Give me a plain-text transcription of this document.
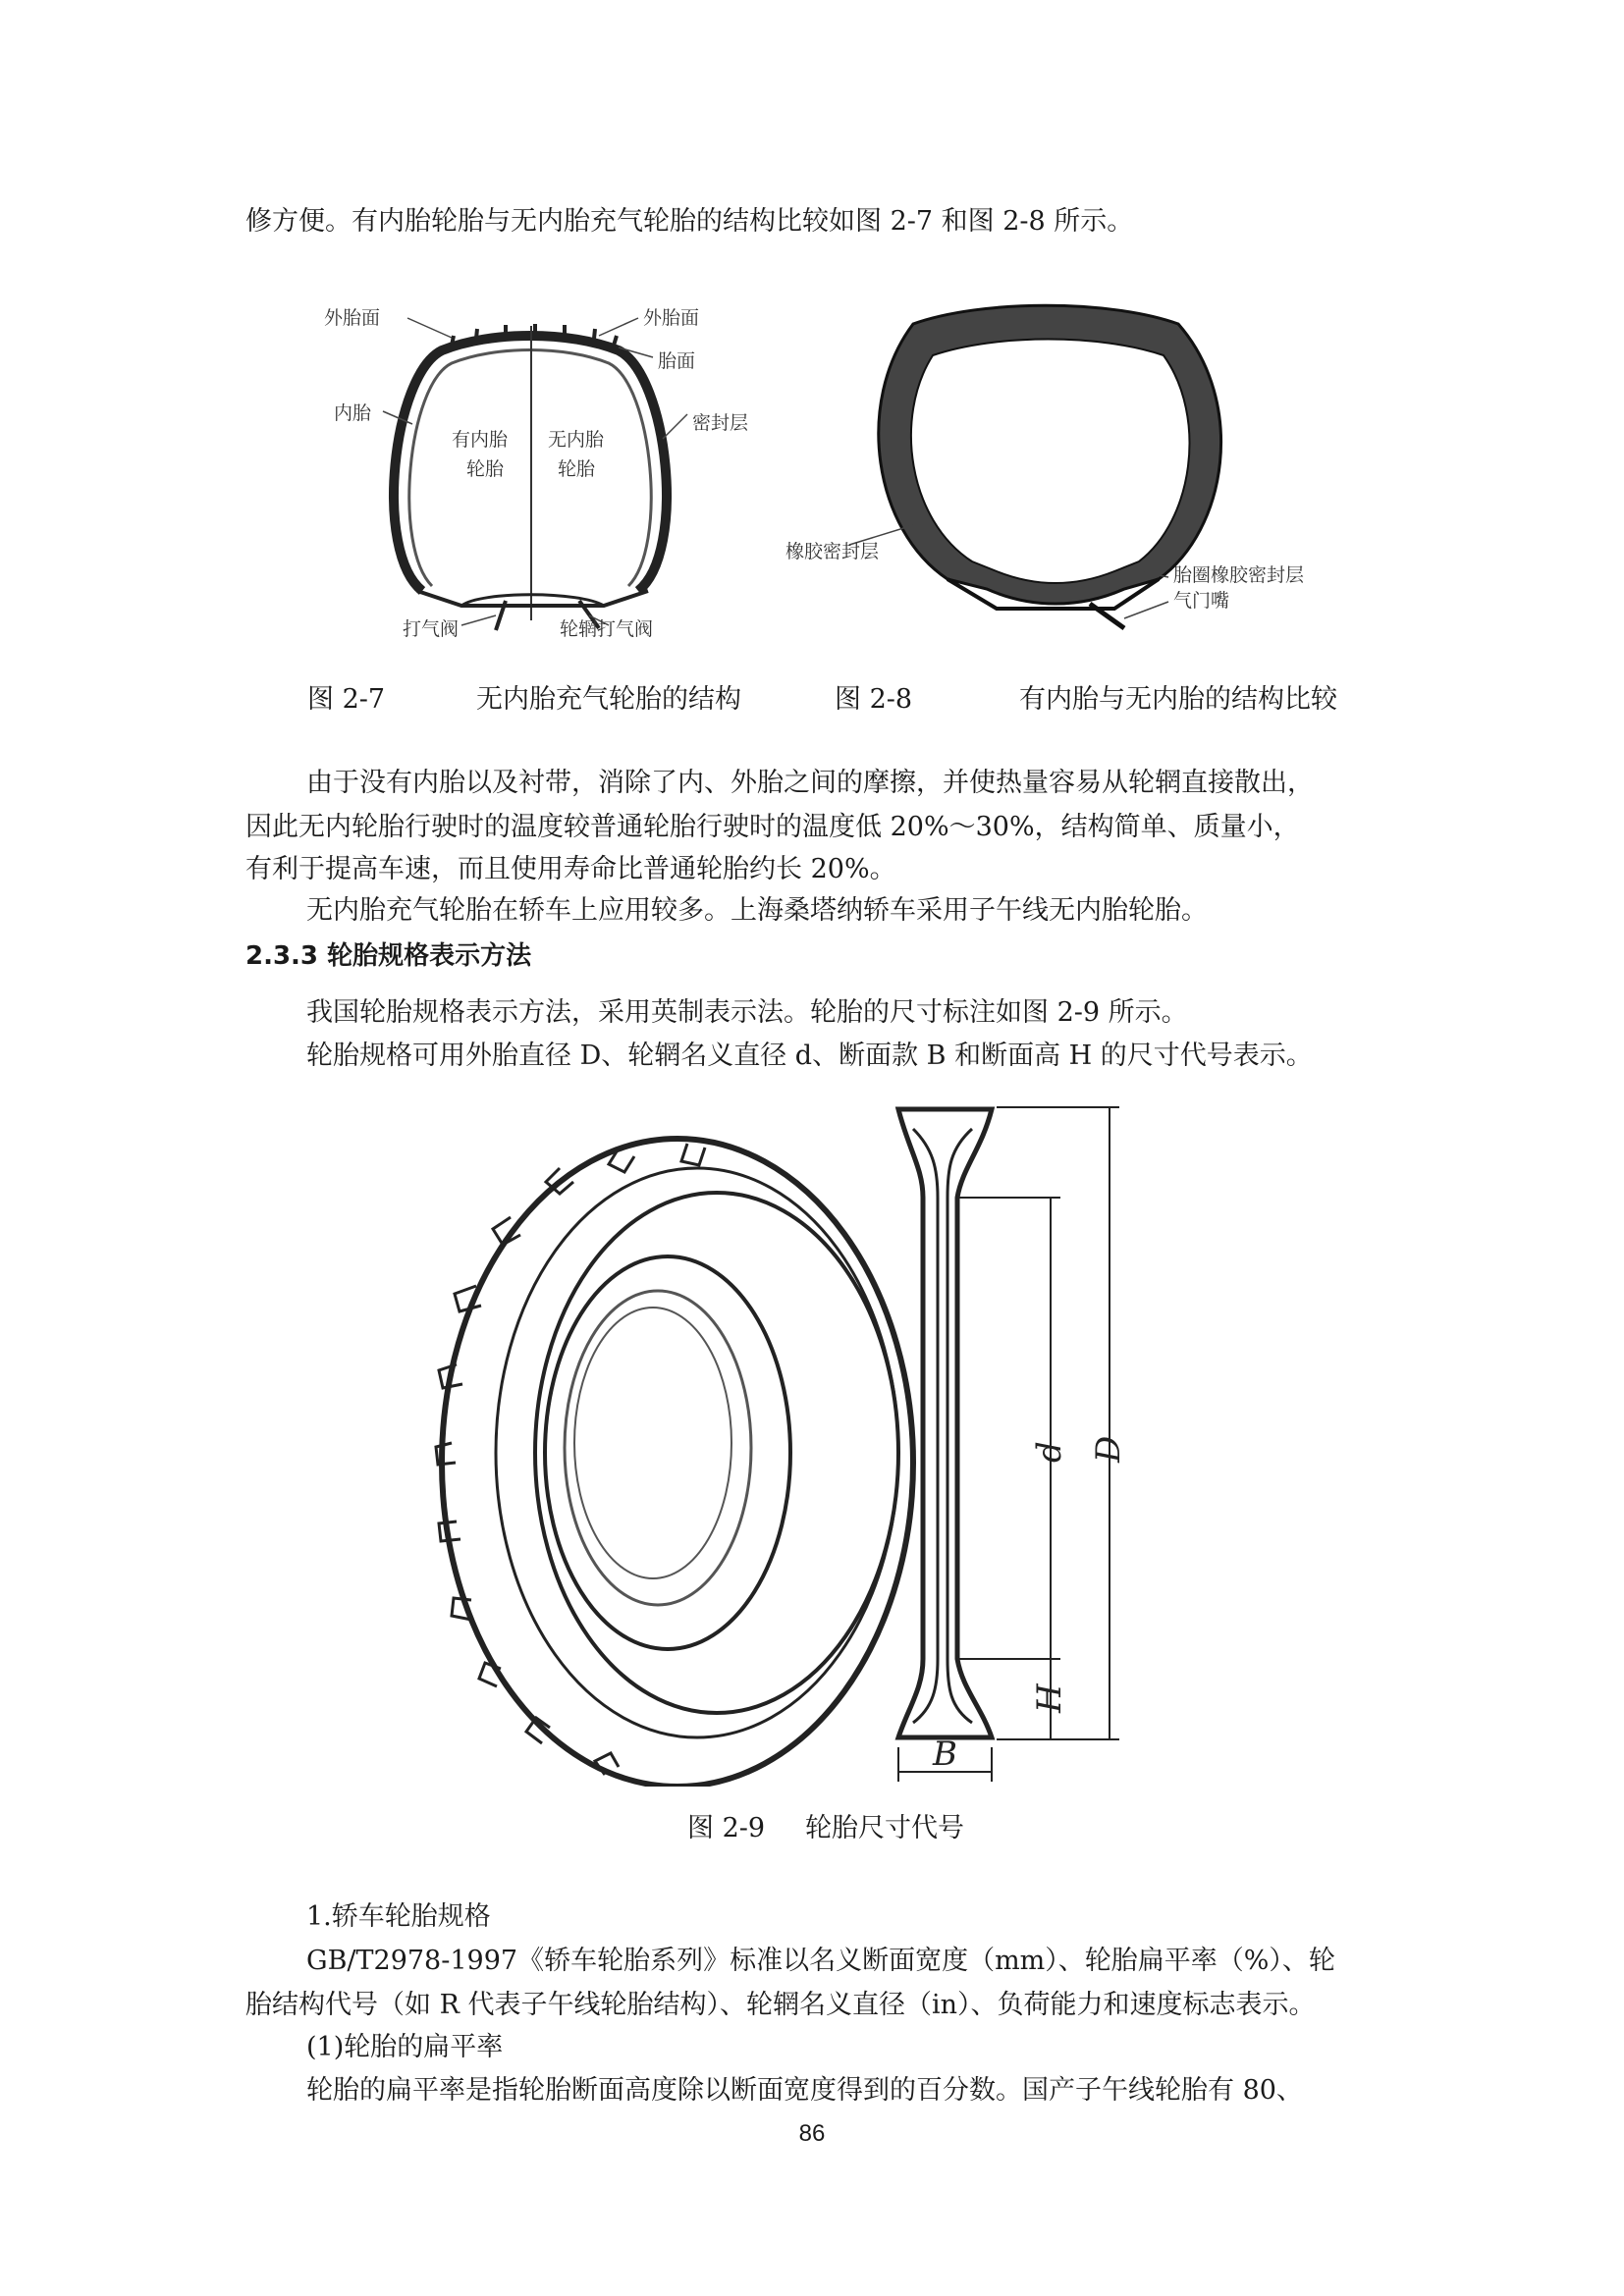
修方便。有内胎轮胎与无内胎充气轮胎的结构比较如图 2-7 和图 2-8 所示。
外胎面	外胎面
胎面
内胎
有内胎
轮胎
无内胎
轮胎
密封层
打气阀	轮辋打气阀
橡胶密封层
胎圈橡胶密封层
气门嘴
图 2-7	无内胎充气轮胎的结构	图 2-8	有内胎与无内胎的结构比较
由于没有内胎以及衬带，消除了内、外胎之间的摩擦，并使热量容易从轮辋直接散出，
因此无内轮胎行驶时的温度较普通轮胎行驶时的温度低 20%～30%，结构简单、质量小，
有利于提高车速，而且使用寿命比普通轮胎约长 20%。
无内胎充气轮胎在轿车上应用较多。上海桑塔纳轿车采用子午线无内胎轮胎。
2.3.3 轮胎规格表示方法
我国轮胎规格表示方法，采用英制表示法。轮胎的尺寸标注如图 2-9 所示。
轮胎规格可用外胎直径 D、轮辋名义直径 d、断面款 B 和断面高 H 的尺寸代号表示。
d D
H
B
图 2-9 轮胎尺寸代号
1.轿车轮胎规格
GB/T2978-1997《轿车轮胎系列》标准以名义断面宽度（mm）、轮胎扁平率（%）、轮
胎结构代号（如 R 代表子午线轮胎结构）、轮辋名义直径（in）、负荷能力和速度标志表示。
(1)轮胎的扁平率
轮胎的扁平率是指轮胎断面高度除以断面宽度得到的百分数。国产子午线轮胎有 80、
86
